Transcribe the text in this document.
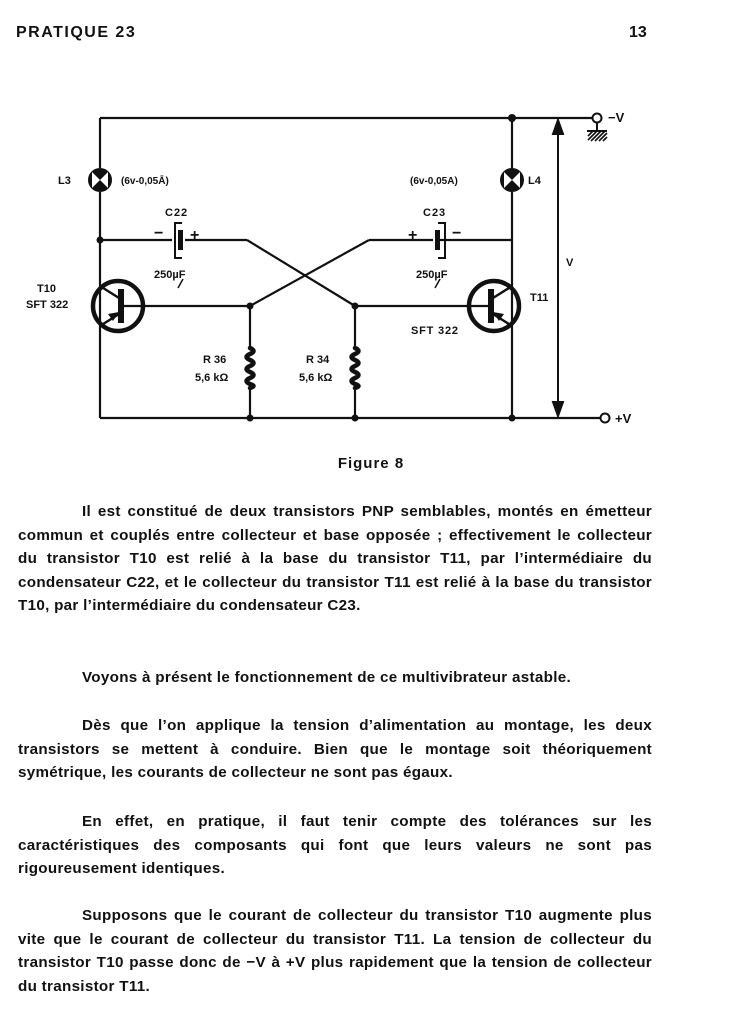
PRATIQUE 23	13
L3	(6v-0,05Ā)	L4
(6v-0,05A)
C22
− +
250µF
C23
+ −
250µF
T10
SFT 322
T11
SFT 322
R 36
5,6 kΩ
R 34
5,6 kΩ
−V
+V
V
Figure 8
Il est constitué de deux transistors PNP semblables, montés en émetteur commun et couplés entre collecteur et base opposée ; effectivement le collecteur du transistor T10 est relié à la base du transistor T11, par l’intermédiaire du condensateur C22, et le collecteur du transistor T11 est relié à la base du transistor T10, par l’intermédiaire du condensateur C23.
Voyons à présent le fonctionnement de ce multivibrateur astable.
Dès que l’on applique la tension d’alimentation au montage, les deux transistors se mettent à conduire. Bien que le montage soit théoriquement symétrique, les courants de collecteur ne sont pas égaux.
En effet, en pratique, il faut tenir compte des tolérances sur les caractéristiques des composants qui font que leurs valeurs ne sont pas rigoureusement identiques.
Supposons que le courant de collecteur du transistor T10 augmente plus vite que le courant de collecteur du transistor T11. La tension de collecteur du transistor T10 passe donc de −V à +V plus rapidement que la tension de collecteur du transistor T11.
